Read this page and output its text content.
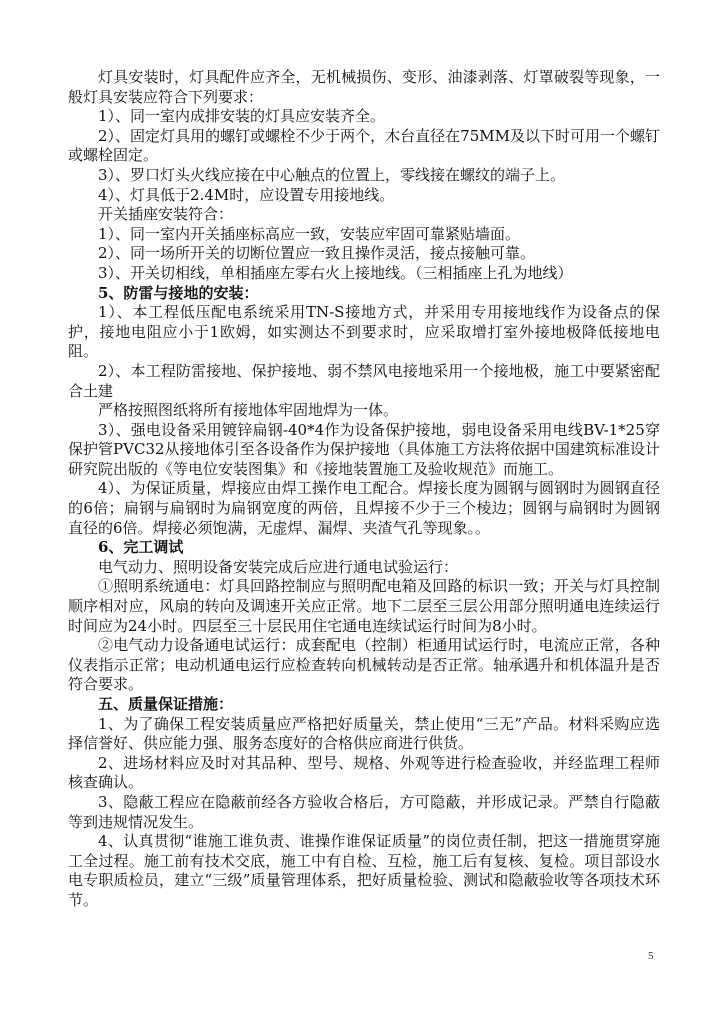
灯具安装时，灯具配件应齐全，无机械损伤、变形、油漆剥落、灯罩破裂等现象，一般灯具安装应符合下列要求：

1）、同一室内成排安装的灯具应安装齐全。

2）、固定灯具用的螺钉或螺栓不少于两个，木台直径在75MM及以下时可用一个螺钉或螺栓固定。

3）、罗口灯头火线应接在中心触点的位置上，零线接在螺纹的端子上。

4）、灯具低于2.4M时，应设置专用接地线。

开关插座安装符合：

1）、同一室内开关插座标高应一致，安装应牢固可靠紧贴墙面。

2）、同一场所开关的切断位置应一致且操作灵活，接点接触可靠。

3）、开关切相线，单相插座左零右火上接地线。（三相插座上孔为地线）

5、防雷与接地的安装：

1）、本工程低压配电系统采用TN-S接地方式，并采用专用接地线作为设备点的保护，接地电阻应小于1欧姆，如实测达不到要求时，应采取增打室外接地极降低接地电阻。

2）、本工程防雷接地、保护接地、弱不禁风电接地采用一个接地极，施工中要紧密配合土建

严格按照图纸将所有接地体牢固地焊为一体。

3）、强电设备采用镀锌扁钢-40*4作为设备保护接地，弱电设备采用电线BV-1*25穿保护管PVC32从接地体引至各设备作为保护接地（具体施工方法将依据中国建筑标准设计研究院出版的《等电位安装图集》和《接地装置施工及验收规范》而施工。

4）、为保证质量，焊接应由焊工操作电工配合。焊接长度为圆钢与圆钢时为圆钢直径的6倍；扁钢与扁钢时为扁钢宽度的两倍，且焊接不少于三个棱边；圆钢与扁钢时为圆钢直径的6倍。焊接必须饱满，无虚焊、漏焊、夹渣气孔等现象。。

6、完工调试

电气动力、照明设备安装完成后应进行通电试验运行：

①照明系统通电：灯具回路控制应与照明配电箱及回路的标识一致；开关与灯具控制顺序相对应，风扇的转向及调速开关应正常。地下二层至三层公用部分照明通电连续运行时间应为24小时。四层至三十层民用住宅通电连续试运行时间为8小时。

②电气动力设备通电试运行：成套配电（控制）柜通用试运行时，电流应正常，各种仪表指示正常；电动机通电运行应检查转向机械转动是否正常。轴承遇升和机体温升是否符合要求。

五、质量保证措施：

1、为了确保工程安装质量应严格把好质量关，禁止使用“三无”产品。材料采购应选择信誉好、供应能力强、服务态度好的合格供应商进行供货。

2、进场材料应及时对其品种、型号、规格、外观等进行检查验收，并经监理工程师核查确认。

3、隐蔽工程应在隐蔽前经各方验收合格后，方可隐蔽，并形成记录。严禁自行隐蔽等到违规情况发生。

4、认真贯彻“谁施工谁负责、谁操作谁保证质量”的岗位责任制，把这一措施贯穿施工全过程。施工前有技术交底，施工中有自检、互检，施工后有复核、复检。项目部设水电专职质检员，建立“三级”质量管理体系，把好质量检验、测试和隐蔽验收等各项技术环节。

5
